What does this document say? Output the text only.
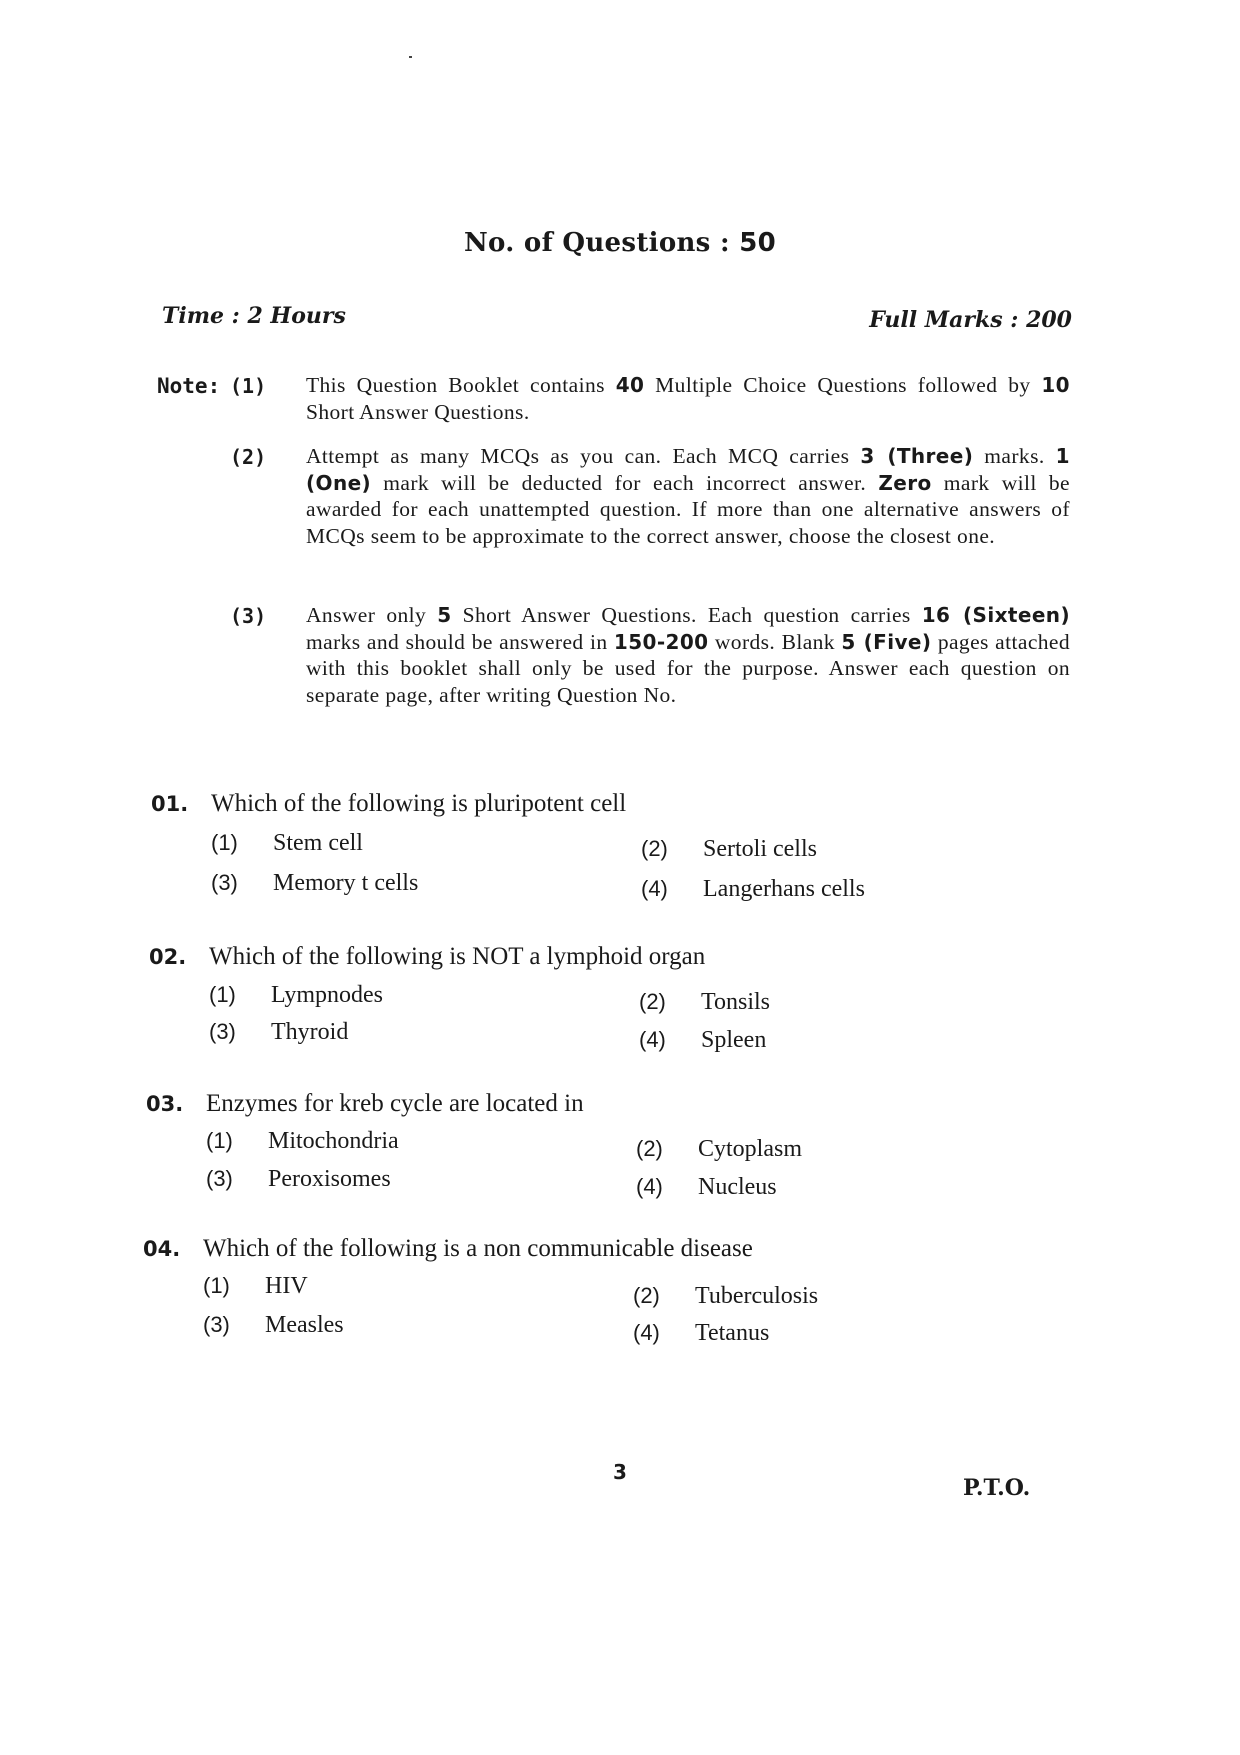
No. of Questions : 50
Time : 2 Hours	Full Marks : 200
Note: (1) This Question Booklet contains 40 Multiple Choice Questions followed by 10 Short Answer Questions.
(2) Attempt as many MCQs as you can. Each MCQ carries 3 (Three) marks. 1 (One) mark will be deducted for each incorrect answer. Zero mark will be awarded for each unattempted question. If more than one alternative answers of MCQs seem to be approximate to the correct answer, choose the closest one.
(3) Answer only 5 Short Answer Questions. Each question carries 16 (Sixteen) marks and should be answered in 150-200 words. Blank 5 (Five) pages attached with this booklet shall only be used for the purpose. Answer each question on separate page, after writing Question No.
01. Which of the following is pluripotent cell
(1) Stem cell	(2) Sertoli cells
(3) Memory t cells	(4) Langerhans cells
02. Which of the following is NOT a lymphoid organ
(1) Lympnodes	(2) Tonsils
(3) Thyroid	(4) Spleen
03. Enzymes for kreb cycle are located in
(1) Mitochondria	(2) Cytoplasm
(3) Peroxisomes	(4) Nucleus
04. Which of the following is a non communicable disease
(1) HIV	(2) Tuberculosis
(3) Measles	(4) Tetanus
3
P.T.O.
